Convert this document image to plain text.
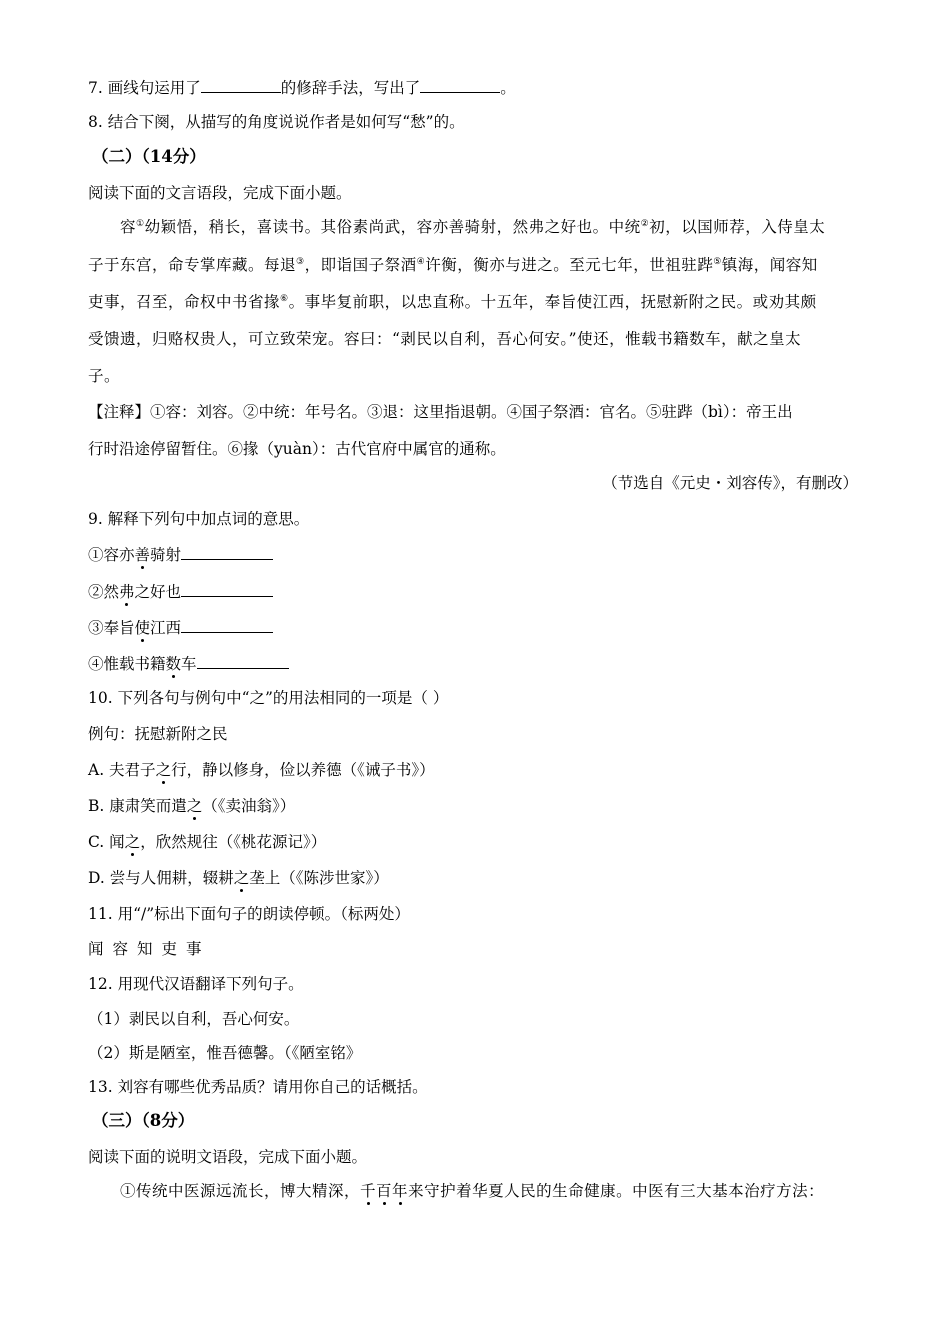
7. 画线句运用了	的修辞手法，写出了	。
8. 结合下阕，从描写的角度说说作者是如何写“愁”的。
（二）（14分）
阅读下面的文言语段，完成下面小题。
容①幼颖悟，稍长，喜读书。其俗素尚武，容亦善骑射，然弗之好也。中统②初，以国师荐，入侍皇太
子于东宫，命专掌库藏。每退③，即诣国子祭酒④许衡，衡亦与进之。至元七年，世祖驻跸⑤镇海，闻容知
吏事，召至，命权中书省掾⑥。事毕复前职，以忠直称。十五年，奉旨使江西，抚慰新附之民。或劝其颇
受馈遗，归赂权贵人，可立致荣宠。容曰：“剥民以自利，吾心何安。”使还，惟载书籍数车，献之皇太
子。
【注释】①容：刘容。②中统：年号名。③退：这里指退朝。④国子祭酒：官名。⑤驻跸（bì）：帝王出
行时沿途停留暂住。⑥掾（yuàn）：古代官府中属官的通称。
（节选自《元史・刘容传》，有删改）
9. 解释下列句中加点词的意思。
①容亦善骑射
②然弗之好也
③奉旨使江西
④惟载书籍数车
10. 下列各句与例句中“之”的用法相同的一项是（ ）
例句：抚慰新附之民
A. 夫君子之行，静以修身，俭以养德（《诫子书》）
B. 康肃笑而遣之（《卖油翁》）
C. 闻之，欣然规往（《桃花源记》）
D. 尝与人佣耕，辍耕之垄上（《陈涉世家》）
11. 用“/”标出下面句子的朗读停顿。（标两处）
闻容知吏事
12. 用现代汉语翻译下列句子。
（1）剥民以自利，吾心何安。
（2）斯是陋室，惟吾德馨。（《陋室铭》
13. 刘容有哪些优秀品质？请用你自己的话概括。
（三）（8分）
阅读下面的说明文语段，完成下面小题。
①传统中医源远流长，博大精深，千百年来守护着华夏人民的生命健康。中医有三大基本治疗方法：
